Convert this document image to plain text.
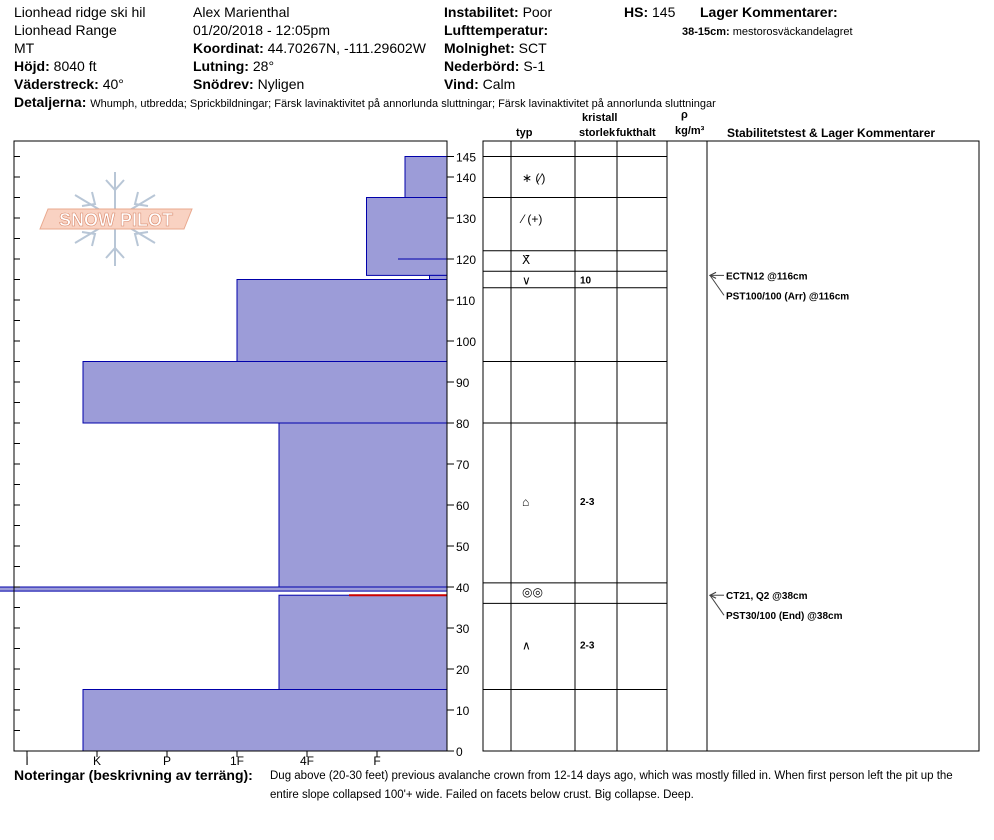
Lionhead ridge ski hil
Lionhead Range
MT
Höjd: 8040 ft
Väderstreck: 40°
Alex Marienthal
01/20/2018 - 12:05pm
Koordinat: 44.70267N, -111.29602W
Lutning: 28°
Snödrev: Nyligen
Instabilitet: Poor
Lufttemperatur:
Molnighet: SCT
Nederbörd: S-1
Vind: Calm
HS: 145 Lager Kommentarer:
38-15cm: mestorosväckandelagret
Detaljerna: Whumph, utbredda; Sprickbildningar; Färsk lavinaktivitet på annorlunda sluttningar; Färsk lavinaktivitet på annorlunda sluttningar
typ
kristall
storlek fukthalt
ρ
kg/m³ Stabilitetstest & Lager Kommentarer
SNOW PILOT
0
10
20
30
40
50
60
70
80
90
100
110
120
130
140
145
I	K	P	1F	4F	F
∗ (⁄)
⁄ (+)
Ⅹ̄
∨	10
⌂	2-3
◎◎
∧	2-3
ECTN12 @116cm
PST100/100 (Arr) @116cm
CT21, Q2 @38cm
PST30/100 (End) @38cm
Noteringar (beskrivning av terräng): Dug above (20-30 feet) previous avalanche crown from 12-14 days ago, which was mostly filled in. When first person left the pit up the
entire slope collapsed 100'+ wide. Failed on facets below crust. Big collapse. Deep.
